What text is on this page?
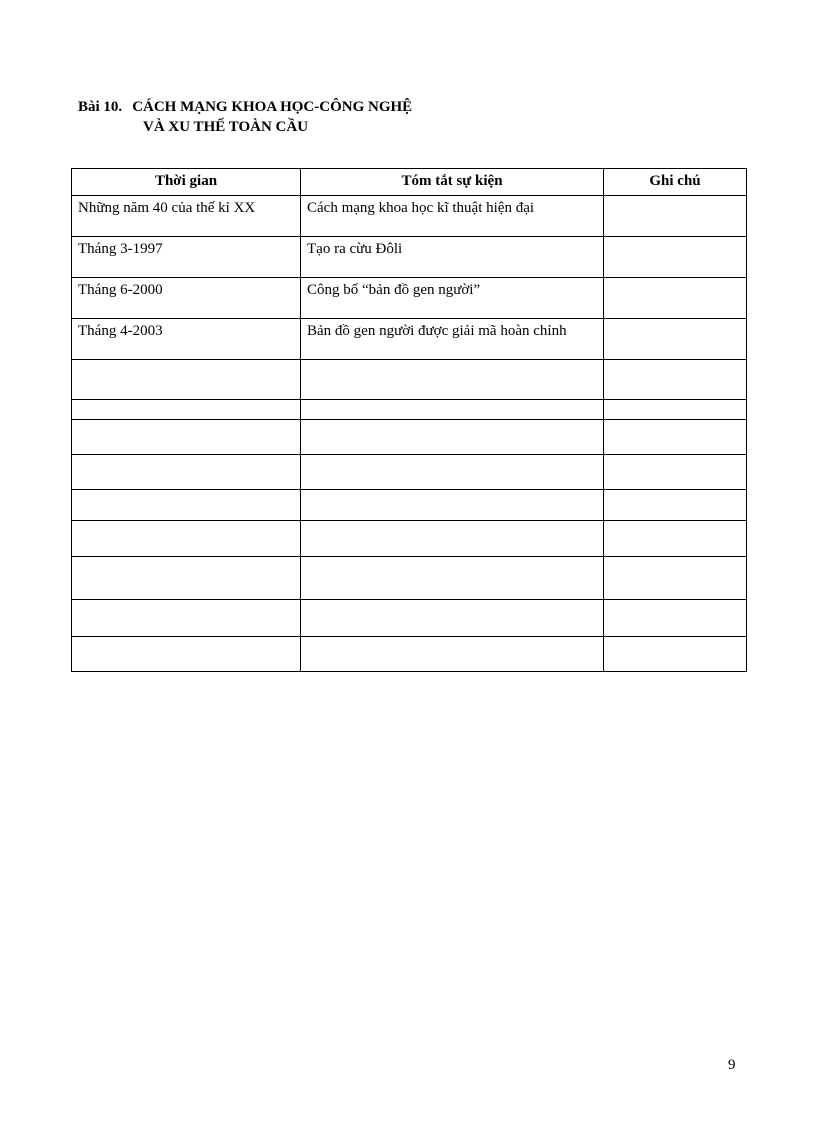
Bài 10. CÁCH MẠNG KHOA HỌC-CÔNG NGHỆ
VÀ XU THẾ TOÀN CẦU
Thời gian	Tóm tắt sự kiện	Ghi chú
Những năm 40 của thế kỉ XX	Cách mạng khoa học kĩ thuật hiện đại	
Tháng 3-1997	Tạo ra cừu Đôli	
Tháng 6-2000	Công bố “bản đồ gen người”	
Tháng 4-2003	Bản đồ gen người được giải mã hoàn chỉnh	

9
